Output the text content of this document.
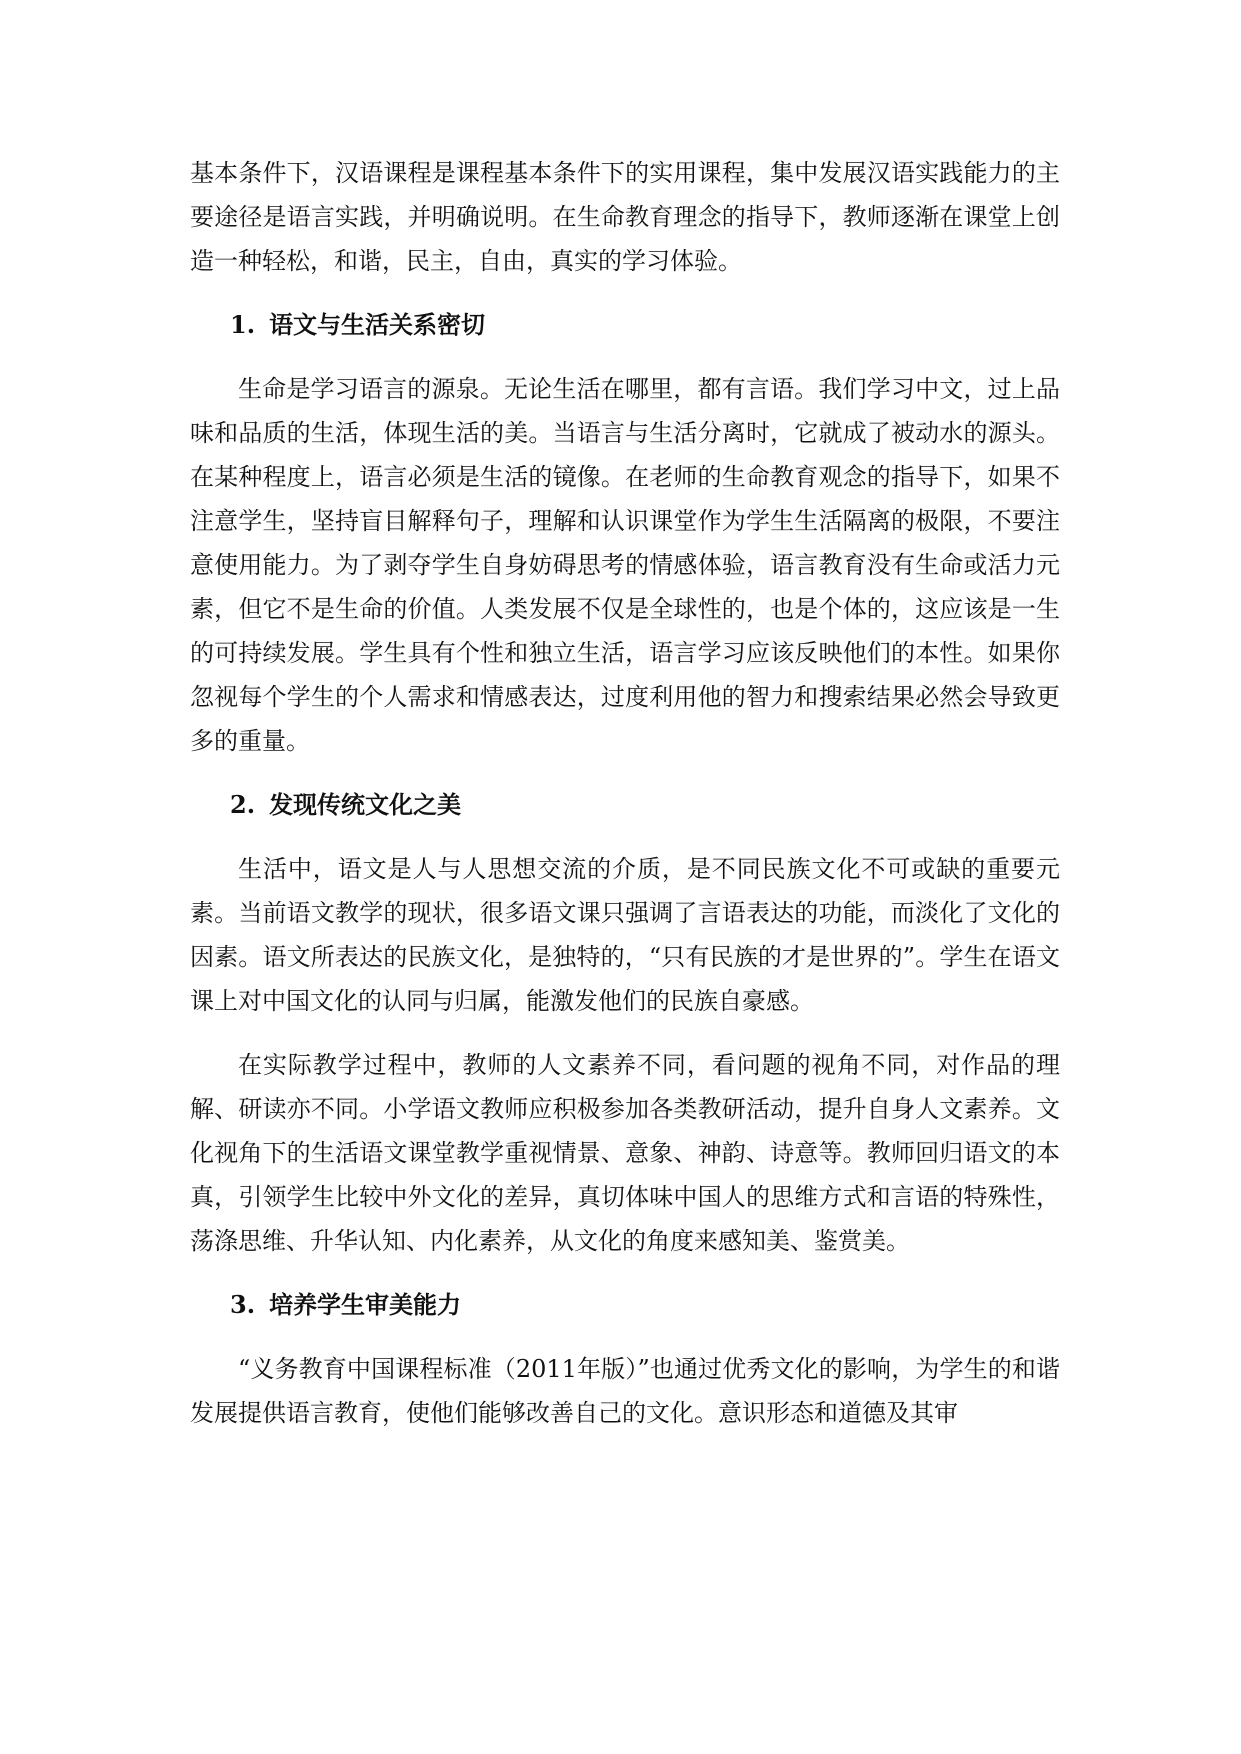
基本条件下，汉语课程是课程基本条件下的实用课程，集中发展汉语实践能力的主要途径是语言实践，并明确说明。在生命教育理念的指导下，教师逐渐在课堂上创造一种轻松，和谐，民主，自由，真实的学习体验。

1. 语文与生活关系密切

生命是学习语言的源泉。无论生活在哪里，都有言语。我们学习中文，过上品味和品质的生活，体现生活的美。当语言与生活分离时，它就成了被动水的源头。在某种程度上，语言必须是生活的镜像。在老师的生命教育观念的指导下，如果不注意学生，坚持盲目解释句子，理解和认识课堂作为学生生活隔离的极限，不要注意使用能力。为了剥夺学生自身妨碍思考的情感体验，语言教育没有生命或活力元素，但它不是生命的价值。人类发展不仅是全球性的，也是个体的，这应该是一生的可持续发展。学生具有个性和独立生活，语言学习应该反映他们的本性。如果你忽视每个学生的个人需求和情感表达，过度利用他的智力和搜索结果必然会导致更多的重量。

2. 发现传统文化之美

生活中，语文是人与人思想交流的介质，是不同民族文化不可或缺的重要元素。当前语文教学的现状，很多语文课只强调了言语表达的功能，而淡化了文化的因素。语文所表达的民族文化，是独特的，“只有民族的才是世界的”。学生在语文课上对中国文化的认同与归属，能激发他们的民族自豪感。

在实际教学过程中，教师的人文素养不同，看问题的视角不同，对作品的理解、研读亦不同。小学语文教师应积极参加各类教研活动，提升自身人文素养。文化视角下的生活语文课堂教学重视情景、意象、神韵、诗意等。教师回归语文的本真，引领学生比较中外文化的差异，真切体味中国人的思维方式和言语的特殊性，荡涤思维、升华认知、内化素养，从文化的角度来感知美、鉴赏美。

3. 培养学生审美能力

“义务教育中国课程标准（2011年版）”也通过优秀文化的影响，为学生的和谐发展提供语言教育，使他们能够改善自己的文化。意识形态和道德及其审
